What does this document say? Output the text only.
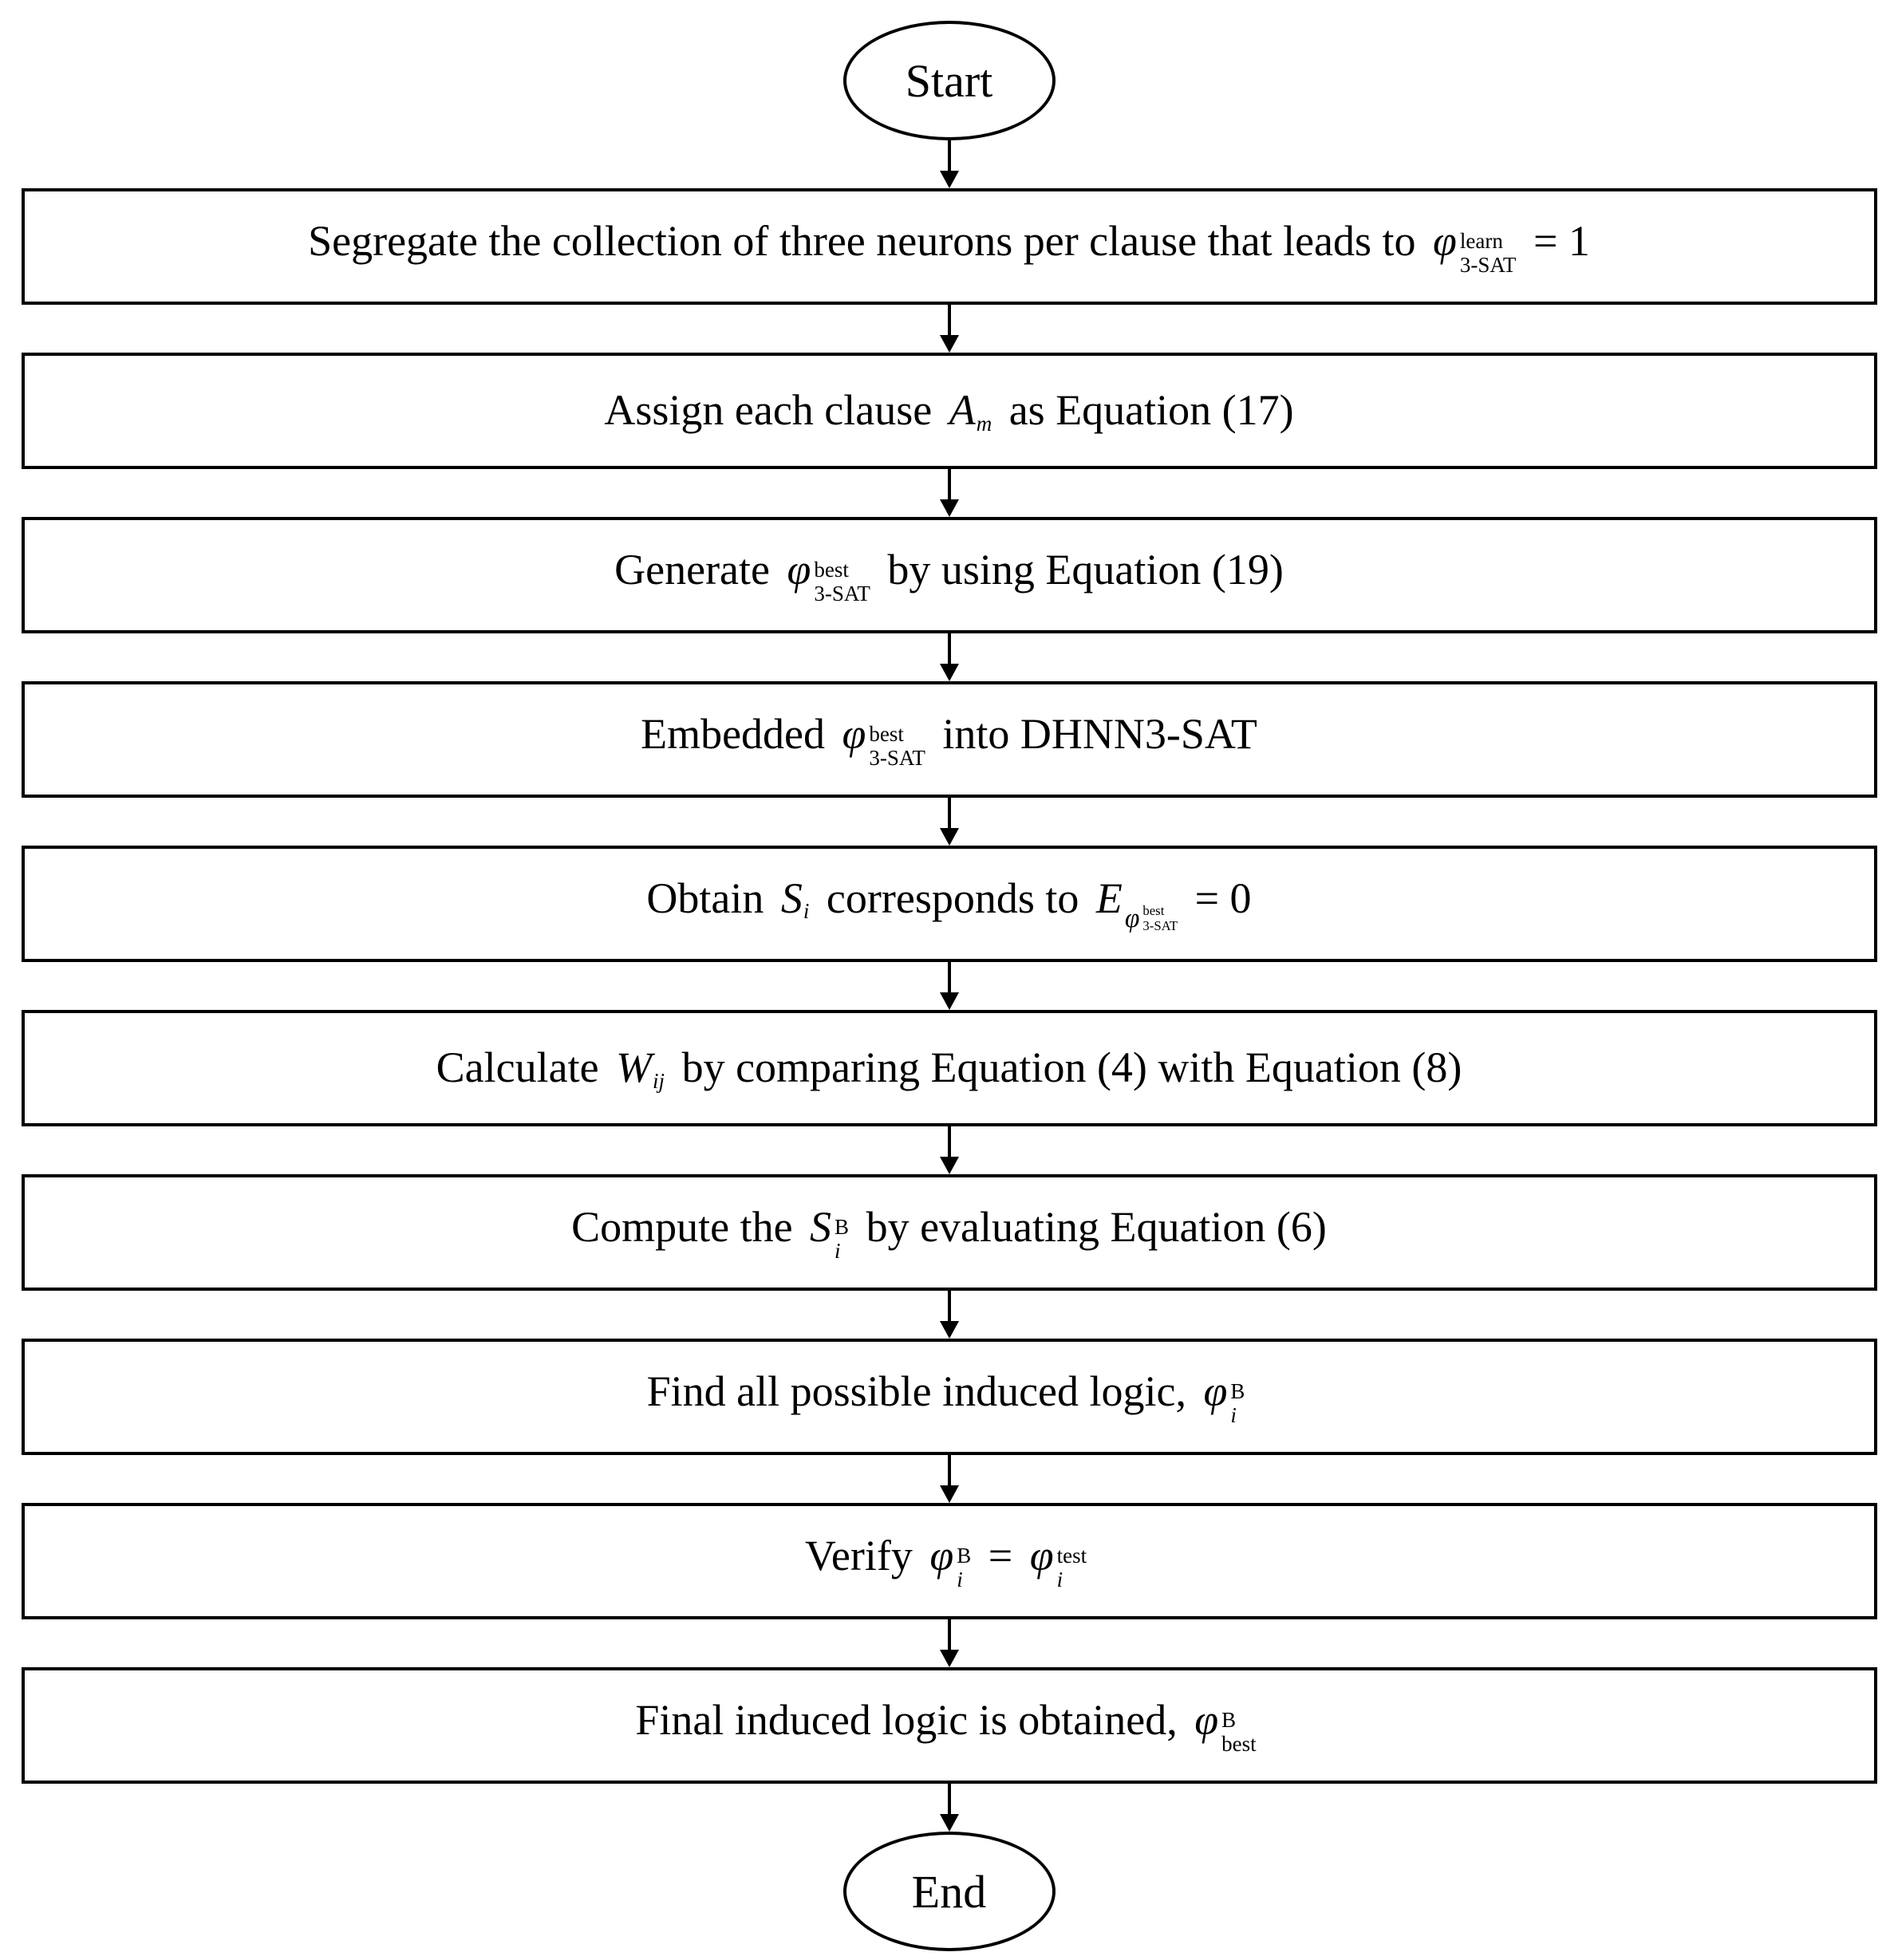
Start
Segregate the collection of three neurons per clause that leads to φ learn
3-SAT
= 1
Assign each clause Am as Equation (17)
Generate φ best
3-SAT
by using Equation (19)
Embedded φ best
3-SAT
into DHNN3-SAT
Obtain Si corresponds to E φ best
3-SAT
= 0
Calculate Wij by comparing Equation (4) with Equation (8)
Compute the S B
i
by evaluating Equation (6)
Find all possible induced logic, φ B
i
Verify φ B
i
= φ test
i
Final induced logic is obtained, φ B
best
End
